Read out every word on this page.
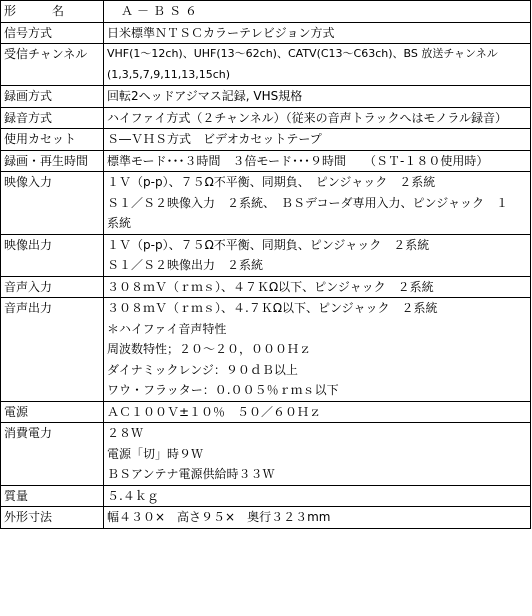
形　　　名	Ａ－ＢＳ６

信号方式	日米標準ＮＴＳＣカラーテレビジョン方式

受信チャンネル	VHF(1～12ch)、UHF(13～62ch)、CATV(C13～C63ch)、BS 放送チャンネル
(1,3,5,7,9,11,13,15ch)

録画方式	回転2ヘッドアジマス記録, VHS規格

録音方式	ハイファイ方式（２チャンネル）（従来の音声トラックへはモノラル録音）

使用カセット	Ｓ―ＶＨＳ方式　ビデオカセットテープ

録画・再生時間	標準モード･･･３時間　３倍モード･･･９時間　　（ＳＴ-１８０使用時）

映像入力	１Ｖ（p-p）、７５Ω不平衡、同期負、　ピンジャック　２系統
Ｓ１／Ｓ２映像入力　２系統、　ＢＳデコーダ専用入力、ピンジャック　１
系統

映像出力	１Ｖ（p-p）、７５Ω不平衡、同期負、ピンジャック　２系統
Ｓ１／Ｓ２映像出力　２系統

音声入力	３０８ｍＶ（ｒｍｓ）、４７ＫΩ以下、ピンジャック　２系統

音声出力	３０８ｍＶ（ｒｍｓ）、４.７ＫΩ以下、ピンジャック　２系統
＊ハイファイ音声特性
周波数特性；２０～２０，０００Ｈｚ
ダイナミックレンジ：９０ｄＢ以上
ワウ・フラッター：０.００５％ｒｍｓ以下

電源	ＡＣ１００Ｖ±１０％　５０／６０Ｈｚ

消費電力	２８Ｗ
電源「切」時９Ｗ
ＢＳアンテナ電源供給時３３Ｗ

質量	５.４ｋｇ

外形寸法	幅４３０×　高さ９５×　奥行３２３mm
